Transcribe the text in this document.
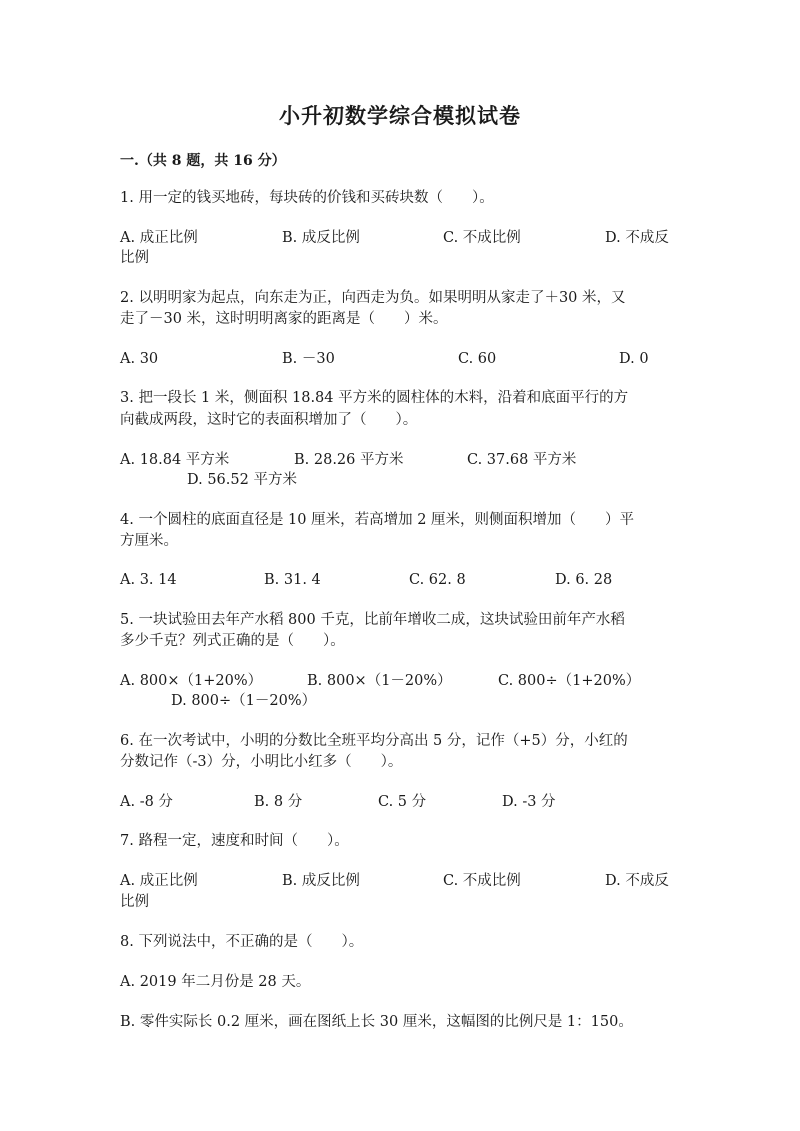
小升初数学综合模拟试卷
一.（共 8 题，共 16 分）
1. 用一定的钱买地砖，每块砖的价钱和买砖块数（　　）。
A. 成正比例	B. 成反比例	C. 不成比例	D. 不成反
比例
2. 以明明家为起点，向东走为正，向西走为负。如果明明从家走了＋30 米，又
走了－30 米，这时明明离家的距离是（　　）米。
A. 30	B. －30	C. 60	D. 0
3. 把一段长 1 米，侧面积 18.84 平方米的圆柱体的木料，沿着和底面平行的方
向截成两段，这时它的表面积增加了（　　）。
A. 18.84 平方米	B. 28.26 平方米	C. 37.68 平方米
D. 56.52 平方米
4. 一个圆柱的底面直径是 10 厘米，若高增加 2 厘米，则侧面积增加（　　）平
方厘米。
A. 3. 14	B. 31. 4	C. 62. 8	D. 6. 28
5. 一块试验田去年产水稻 800 千克，比前年增收二成，这块试验田前年产水稻
多少千克？列式正确的是（　　）。
A. 800×（1+20%）	B. 800×（1－20%）	C. 800÷（1+20%）
D. 800÷（1－20%）
6. 在一次考试中，小明的分数比全班平均分高出 5 分，记作（+5）分，小红的
分数记作（-3）分，小明比小红多（　　）。
A. -8 分	B. 8 分	C. 5 分	D. -3 分
7. 路程一定，速度和时间（　　）。
A. 成正比例	B. 成反比例	C. 不成比例	D. 不成反
比例
8. 下列说法中，不正确的是（　　）。
A. 2019 年二月份是 28 天。
B. 零件实际长 0.2 厘米，画在图纸上长 30 厘米，这幅图的比例尺是 1：150。
